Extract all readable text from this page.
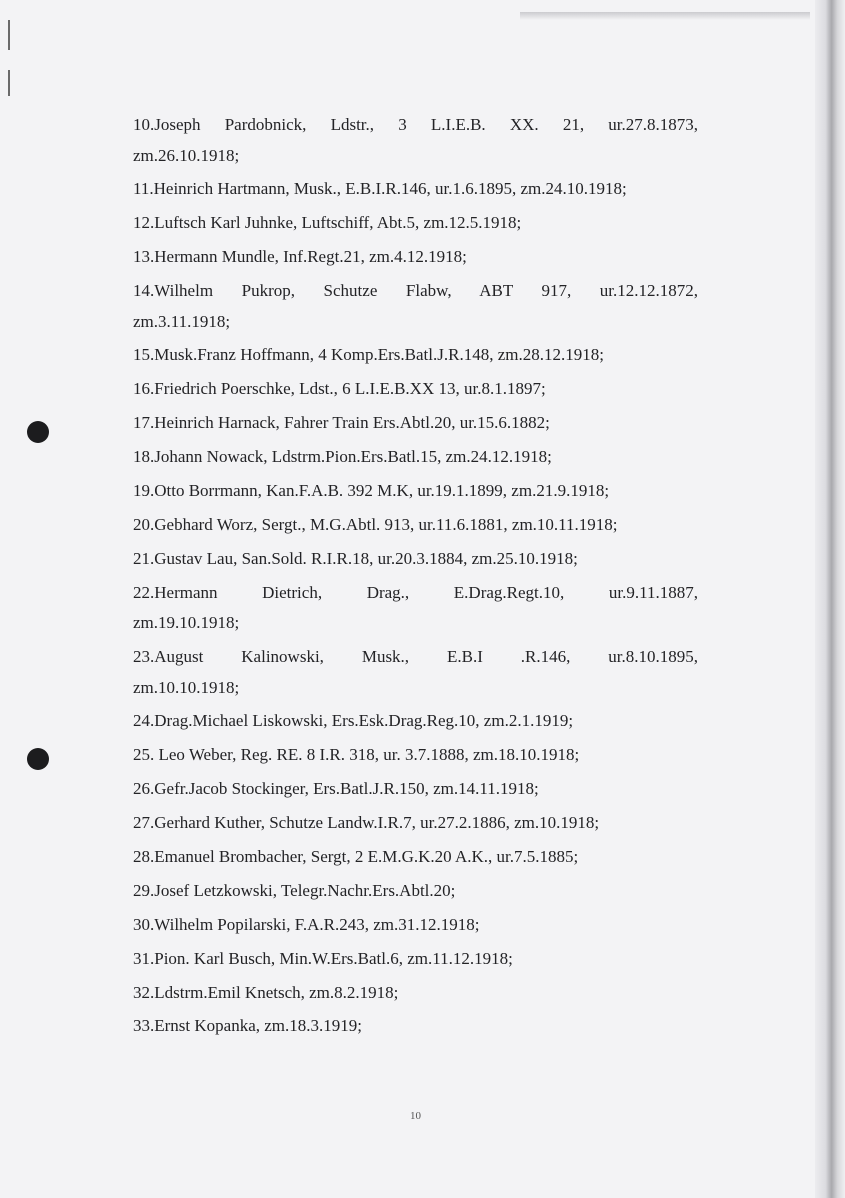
10.Joseph Pardobnick, Ldstr., 3 L.I.E.B. XX. 21, ur.27.8.1873,
zm.26.10.1918;
11.Heinrich Hartmann, Musk., E.B.I.R.146, ur.1.6.1895, zm.24.10.1918;
12.Luftsch Karl Juhnke, Luftschiff, Abt.5, zm.12.5.1918;
13.Hermann Mundle, Inf.Regt.21, zm.4.12.1918;
14.Wilhelm Pukrop, Schutze Flabw, ABT 917, ur.12.12.1872,
zm.3.11.1918;
15.Musk.Franz Hoffmann, 4 Komp.Ers.Batl.J.R.148, zm.28.12.1918;
16.Friedrich Poerschke, Ldst., 6 L.I.E.B.XX 13, ur.8.1.1897;
17.Heinrich Harnack, Fahrer Train Ers.Abtl.20, ur.15.6.1882;
18.Johann Nowack, Ldstrm.Pion.Ers.Batl.15, zm.24.12.1918;
19.Otto Borrmann, Kan.F.A.B. 392 M.K, ur.19.1.1899, zm.21.9.1918;
20.Gebhard Worz, Sergt., M.G.Abtl. 913, ur.11.6.1881, zm.10.11.1918;
21.Gustav Lau, San.Sold. R.I.R.18, ur.20.3.1884, zm.25.10.1918;
22.Hermann Dietrich, Drag., E.Drag.Regt.10, ur.9.11.1887,
zm.19.10.1918;
23.August Kalinowski, Musk., E.B.I .R.146, ur.8.10.1895,
zm.10.10.1918;
24.Drag.Michael Liskowski, Ers.Esk.Drag.Reg.10, zm.2.1.1919;
25. Leo Weber, Reg. RE. 8 I.R. 318, ur. 3.7.1888, zm.18.10.1918;
26.Gefr.Jacob Stockinger, Ers.Batl.J.R.150, zm.14.11.1918;
27.Gerhard Kuther, Schutze Landw.I.R.7, ur.27.2.1886, zm.10.1918;
28.Emanuel Brombacher, Sergt, 2 E.M.G.K.20 A.K., ur.7.5.1885;
29.Josef Letzkowski, Telegr.Nachr.Ers.Abtl.20;
30.Wilhelm Popilarski, F.A.R.243, zm.31.12.1918;
31.Pion. Karl Busch, Min.W.Ers.Batl.6, zm.11.12.1918;
32.Ldstrm.Emil Knetsch, zm.8.2.1918;
33.Ernst Kopanka, zm.18.3.1919;
10
